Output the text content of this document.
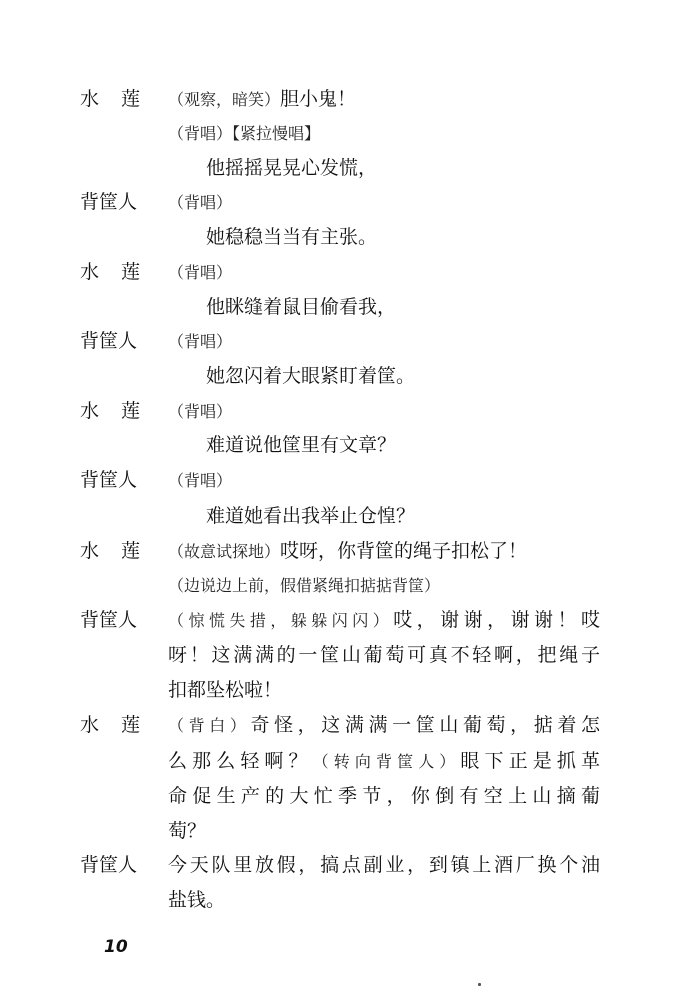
水莲 （观察，暗笑）胆小鬼！
（背唱）【紧拉慢唱】
他摇摇晃晃心发慌，
背筐人	（背唱）
她稳稳当当有主张。
水莲 （背唱）
他眯缝着鼠目偷看我，
背筐人	（背唱）
她忽闪着大眼紧盯着筐。
水莲 （背唱）
难道说他筐里有文章？
背筐人	（背唱）
难道她看出我举止仓惶？
水莲 （故意试探地）哎呀，你背筐的绳子扣松了！
（边说边上前，假借紧绳扣掂掂背筐）
背筐人	（惊慌失措，躲躲闪闪）哎，谢谢，谢谢！哎
呀！这满满的一筐山葡萄可真不轻啊，把绳子
扣都坠松啦！
水莲 （背白）奇怪，这满满一筐山葡萄，掂着怎
么那么轻啊？（转向背筐人）眼下正是抓革
命促生产的大忙季节，你倒有空上山摘葡
萄？
背筐人	今天队里放假，搞点副业，到镇上酒厂换个油
盐钱。
10
